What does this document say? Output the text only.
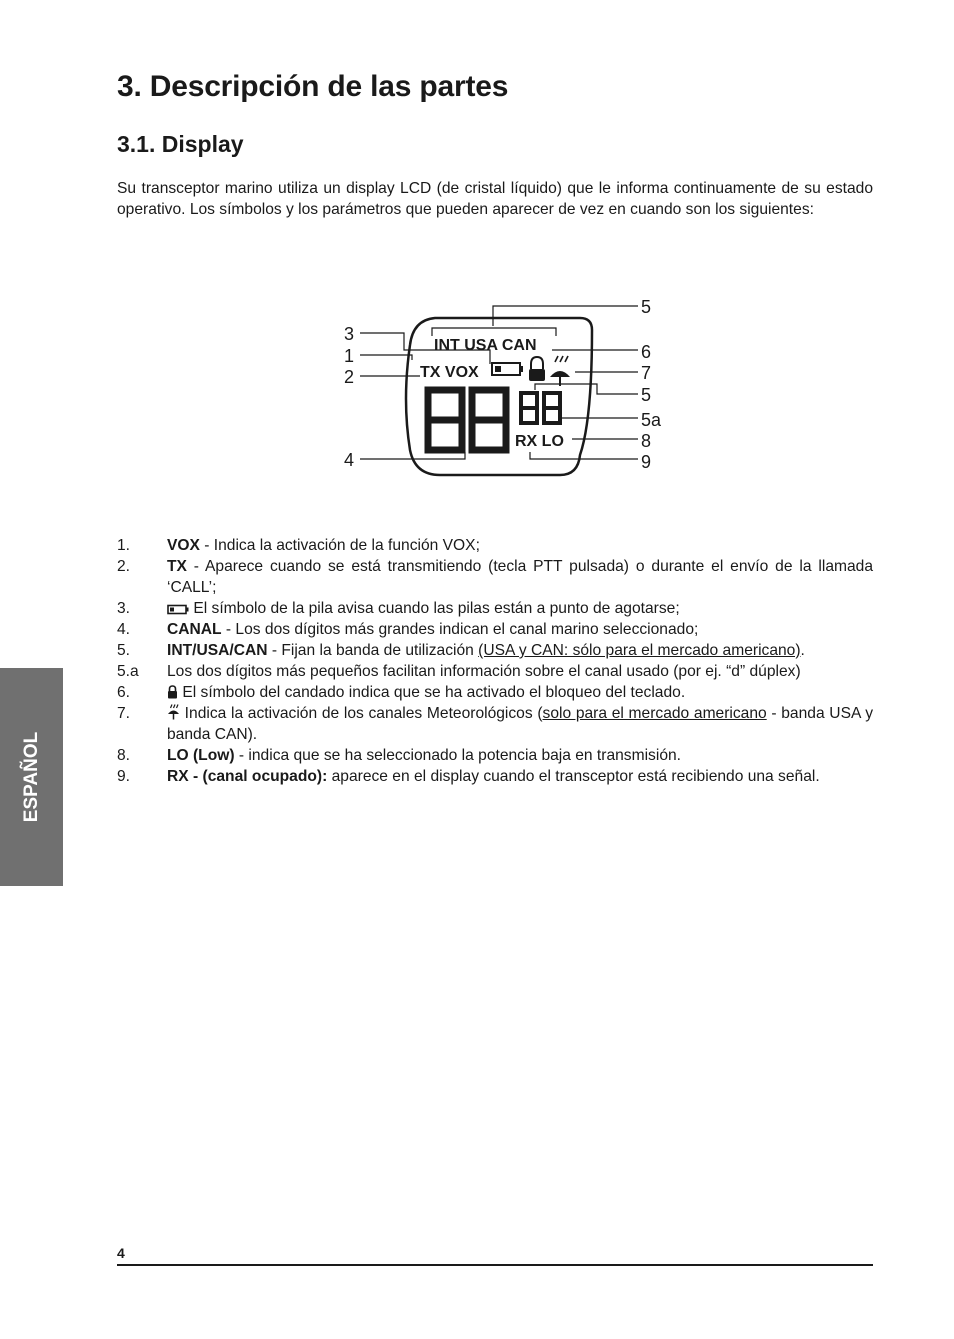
3. Descripción de las partes
3.1. Display

Su transceptor marino utiliza un display LCD (de cristal líquido) que le informa continuamente de su estado operativo. Los símbolos y los parámetros que pueden aparecer de vez en cuando son los siguientes:

INT USA CAN
TX VOX
RX LO
3
1
2
4
5
6
7
5
5a
8
9
1.	VOX - Indica la activación de la función VOX;
2.	TX - Aparece cuando se está transmitiendo (tecla PTT pulsada) o durante el envío de la llamada ‘CALL’;
3.	El símbolo de la pila avisa cuando las pilas están a punto de agotarse;
4.	CANAL - Los dos dígitos más grandes indican el canal marino seleccionado;
5.	INT/USA/CAN - Fijan la banda de utilización (USA y CAN: sólo para el mercado americano).
5.a	Los dos dígitos más pequeños facilitan información sobre el canal usado (por ej. “d” dúplex)
6.	El símbolo del candado indica que se ha activado el bloqueo del teclado.
7.	Indica la activación de los canales Meteorológicos (solo para el mercado americano - banda USA y banda CAN).
8.	LO (Low) - indica que se ha seleccionado la potencia baja en transmisión.
9.	RX - (canal ocupado): aparece en el display cuando el transceptor está recibiendo una señal.
ESPAÑOL
4
